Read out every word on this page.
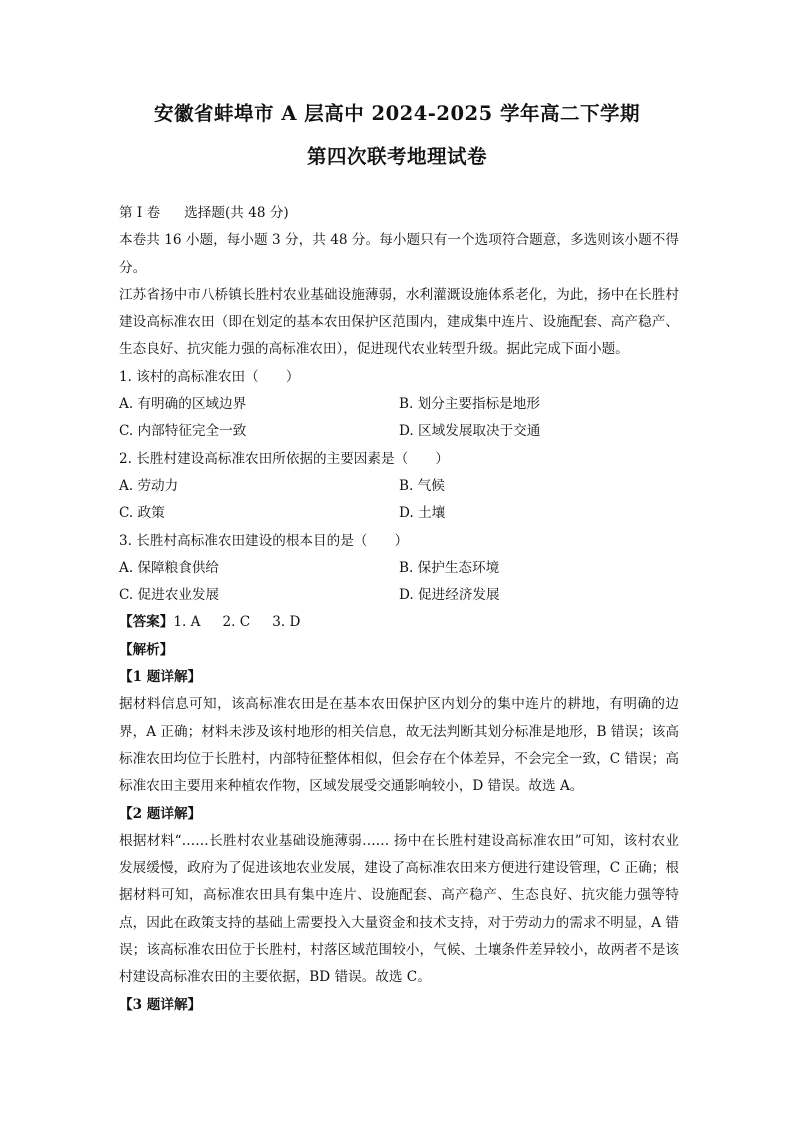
安徽省蚌埠市 A 层高中 2024-2025 学年高二下学期
第四次联考地理试卷
第 I 卷 选择题(共 48 分)
本卷共 16 小题，每小题 3 分，共 48 分。每小题只有一个选项符合题意，多选则该小题不得分。
江苏省扬中市八桥镇长胜村农业基础设施薄弱，水利灌溉设施体系老化，为此，扬中在长胜村建设高标准农田（即在划定的基本农田保护区范围内，建成集中连片、设施配套、高产稳产、生态良好、抗灾能力强的高标准农田），促进现代农业转型升级。据此完成下面小题。
1. 该村的高标准农田（　　）
A. 有明确的区域边界	B. 划分主要指标是地形
C. 内部特征完全一致	D. 区域发展取决于交通
2. 长胜村建设高标准农田所依据的主要因素是（　　）
A. 劳动力	B. 气候
C. 政策	D. 土壤
3. 长胜村高标准农田建设的根本目的是（　　）
A. 保障粮食供给	B. 保护生态环境
C. 促进农业发展	D. 促进经济发展
【答案】1. A 2. C 3. D
【解析】
【1 题详解】
据材料信息可知，该高标准农田是在基本农田保护区内划分的集中连片的耕地，有明确的边界，A 正确；材料未涉及该村地形的相关信息，故无法判断其划分标准是地形，B 错误；该高标准农田均位于长胜村，内部特征整体相似，但会存在个体差异，不会完全一致，C 错误；高标准农田主要用来种植农作物，区域发展受交通影响较小，D 错误。故选 A。
【2 题详解】
根据材料“……长胜村农业基础设施薄弱…… 扬中在长胜村建设高标准农田”可知，该村农业发展缓慢，政府为了促进该地农业发展，建设了高标准农田来方便进行建设管理，C 正确；根据材料可知，高标准农田具有集中连片、设施配套、高产稳产、生态良好、抗灾能力强等特点，因此在政策支持的基础上需要投入大量资金和技术支持，对于劳动力的需求不明显，A 错误；该高标准农田位于长胜村，村落区域范围较小，气候、土壤条件差异较小，故两者不是该村建设高标准农田的主要依据，BD 错误。故选 C。
【3 题详解】
